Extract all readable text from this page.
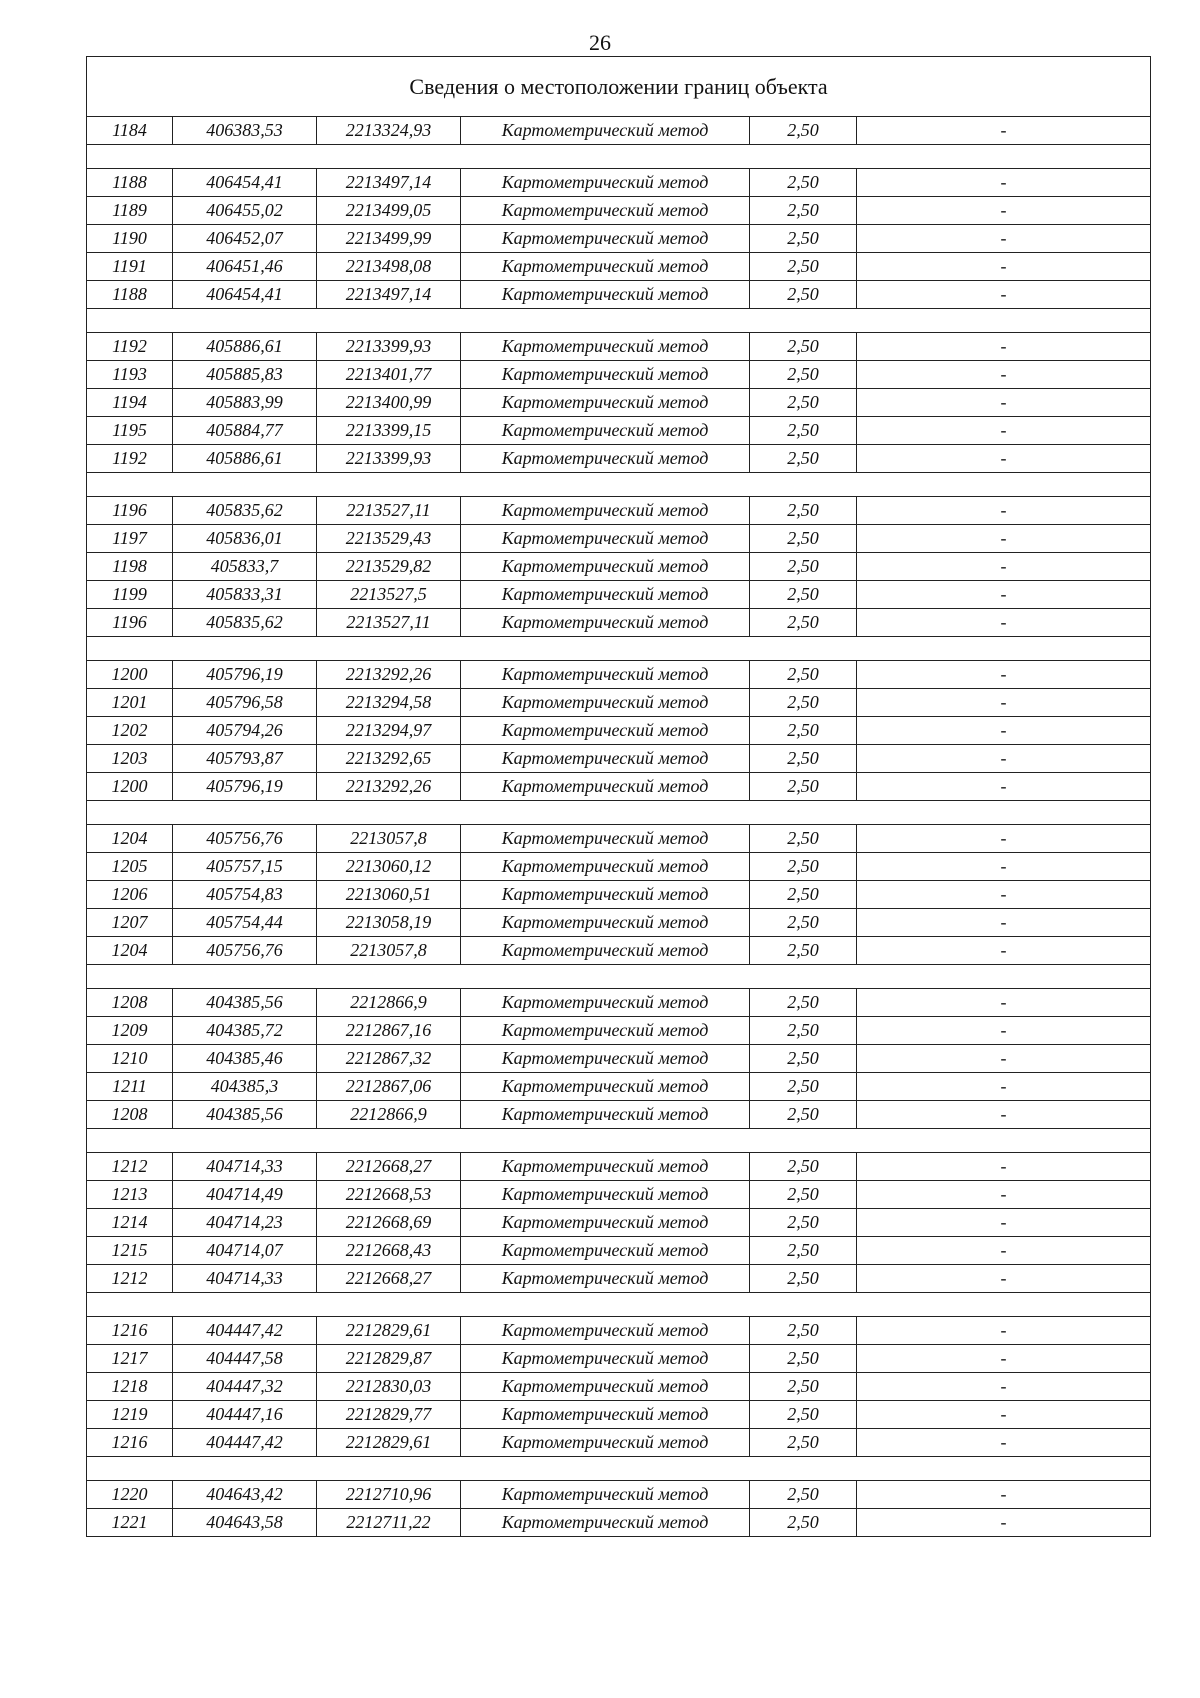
26
Сведения о местоположении границ объекта					
1184	406383,53	2213324,93	Картометрический метод	2,50	-

1188	406454,41	2213497,14	Картометрический метод	2,50	-
1189	406455,02	2213499,05	Картометрический метод	2,50	-
1190	406452,07	2213499,99	Картометрический метод	2,50	-
1191	406451,46	2213498,08	Картометрический метод	2,50	-
1188	406454,41	2213497,14	Картометрический метод	2,50	-

1192	405886,61	2213399,93	Картометрический метод	2,50	-
1193	405885,83	2213401,77	Картометрический метод	2,50	-
1194	405883,99	2213400,99	Картометрический метод	2,50	-
1195	405884,77	2213399,15	Картометрический метод	2,50	-
1192	405886,61	2213399,93	Картометрический метод	2,50	-

1196	405835,62	2213527,11	Картометрический метод	2,50	-
1197	405836,01	2213529,43	Картометрический метод	2,50	-
1198	405833,7	2213529,82	Картометрический метод	2,50	-
1199	405833,31	2213527,5	Картометрический метод	2,50	-
1196	405835,62	2213527,11	Картометрический метод	2,50	-

1200	405796,19	2213292,26	Картометрический метод	2,50	-
1201	405796,58	2213294,58	Картометрический метод	2,50	-
1202	405794,26	2213294,97	Картометрический метод	2,50	-
1203	405793,87	2213292,65	Картометрический метод	2,50	-
1200	405796,19	2213292,26	Картометрический метод	2,50	-

1204	405756,76	2213057,8	Картометрический метод	2,50	-
1205	405757,15	2213060,12	Картометрический метод	2,50	-
1206	405754,83	2213060,51	Картометрический метод	2,50	-
1207	405754,44	2213058,19	Картометрический метод	2,50	-
1204	405756,76	2213057,8	Картометрический метод	2,50	-

1208	404385,56	2212866,9	Картометрический метод	2,50	-
1209	404385,72	2212867,16	Картометрический метод	2,50	-
1210	404385,46	2212867,32	Картометрический метод	2,50	-
1211	404385,3	2212867,06	Картометрический метод	2,50	-
1208	404385,56	2212866,9	Картометрический метод	2,50	-

1212	404714,33	2212668,27	Картометрический метод	2,50	-
1213	404714,49	2212668,53	Картометрический метод	2,50	-
1214	404714,23	2212668,69	Картометрический метод	2,50	-
1215	404714,07	2212668,43	Картометрический метод	2,50	-
1212	404714,33	2212668,27	Картометрический метод	2,50	-

1216	404447,42	2212829,61	Картометрический метод	2,50	-
1217	404447,58	2212829,87	Картометрический метод	2,50	-
1218	404447,32	2212830,03	Картометрический метод	2,50	-
1219	404447,16	2212829,77	Картометрический метод	2,50	-
1216	404447,42	2212829,61	Картометрический метод	2,50	-

1220	404643,42	2212710,96	Картометрический метод	2,50	-
1221	404643,58	2212711,22	Картометрический метод	2,50	-
